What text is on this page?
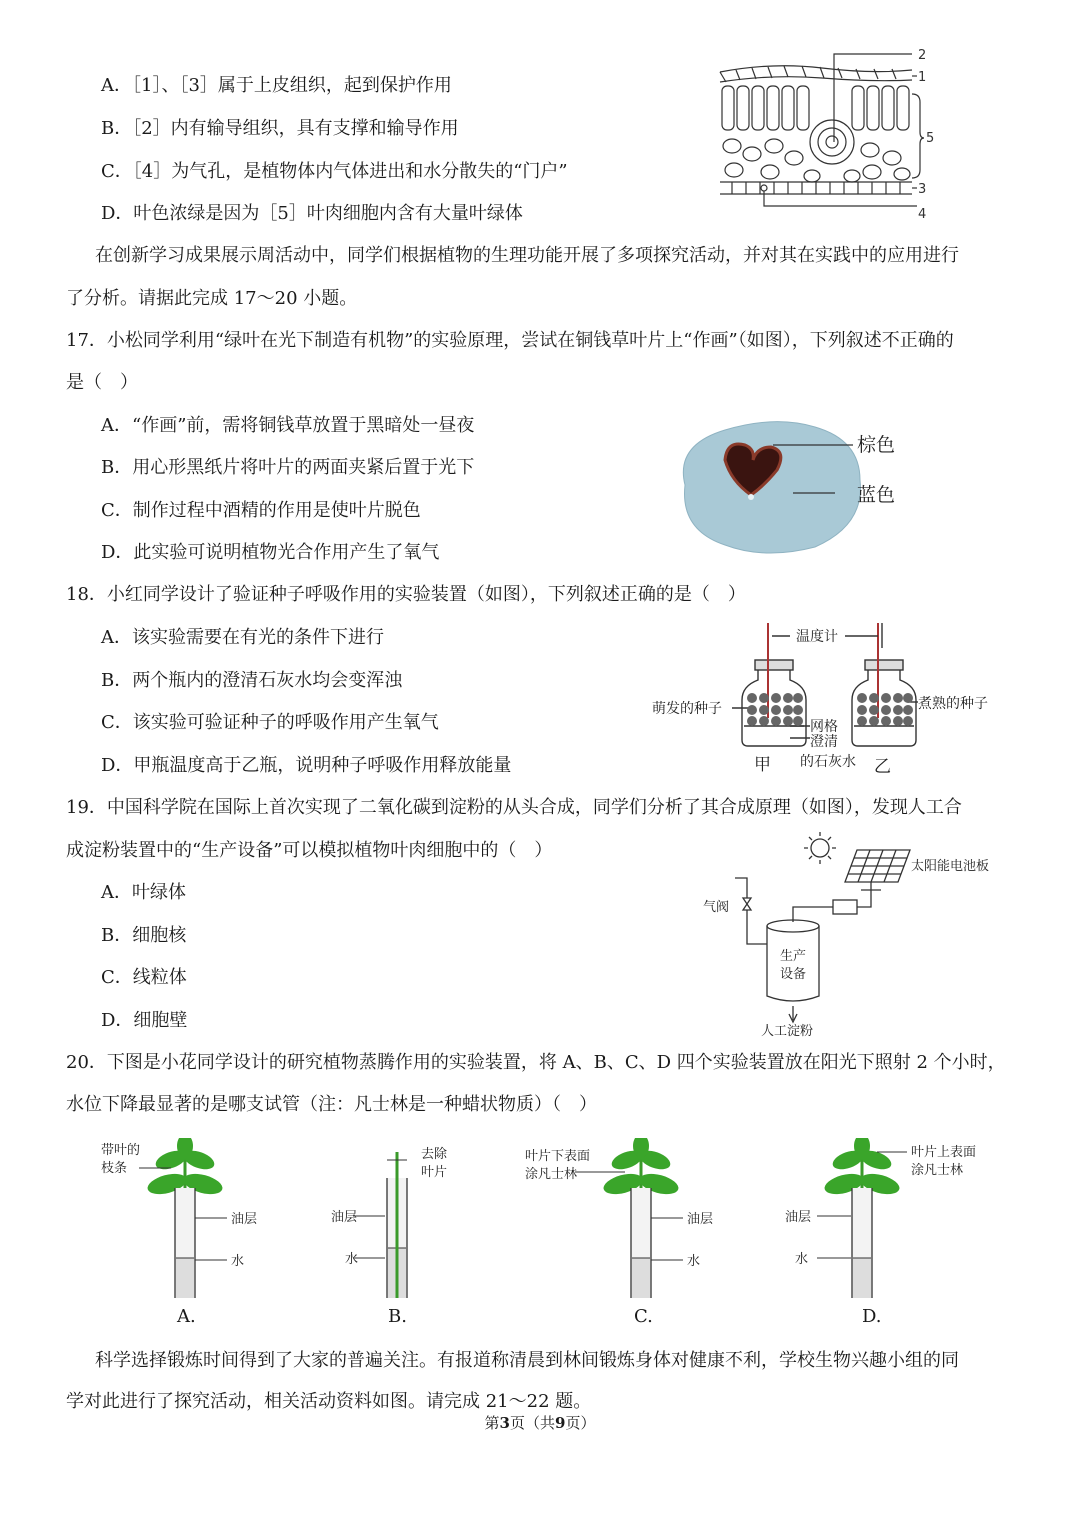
A．［1］、［3］属于上皮组织，起到保护作用
B．［2］内有输导组织，具有支撑和输导作用
C．［4］为气孔，是植物体内气体进出和水分散失的“门户”
D．叶色浓绿是因为［5］叶肉细胞内含有大量叶绿体
2
1
5
3
4
在创新学习成果展示周活动中，同学们根据植物的生理功能开展了多项探究活动，并对其在实践中的应用进行
了分析。请据此完成 17～20 小题。
17．小松同学利用“绿叶在光下制造有机物”的实验原理，尝试在铜钱草叶片上“作画”（如图），下列叙述不正确的
是（　）
A．“作画”前，需将铜钱草放置于黑暗处一昼夜
B．用心形黑纸片将叶片的两面夹紧后置于光下
C．制作过程中酒精的作用是使叶片脱色
D．此实验可说明植物光合作用产生了氧气
棕色
蓝色
18．小红同学设计了验证种子呼吸作用的实验装置（如图），下列叙述正确的是（　）
A．该实验需要在有光的条件下进行
B．两个瓶内的澄清石灰水均会变浑浊
C．该实验可验证种子的呼吸作用产生氧气
D．甲瓶温度高于乙瓶，说明种子呼吸作用释放能量
温度计
萌发的种子	煮熟的种子
网格
澄清
的石灰水
甲	乙
19．中国科学院在国际上首次实现了二氧化碳到淀粉的从头合成，同学们分析了其合成原理（如图），发现人工合
成淀粉装置中的“生产设备”可以模拟植物叶肉细胞中的（　）
A．叶绿体
B．细胞核
C．线粒体
D．细胞壁
太阳能电池板
气阀
生产
设备
人工淀粉
20．下图是小花同学设计的研究植物蒸腾作用的实验装置，将 A、B、C、D 四个实验装置放在阳光下照射 2 个小时，
水位下降最显著的是哪支试管（注：凡士林是一种蜡状物质）（　）
带叶的
枝条
油层
水
去除
叶片
油层
水
叶片下表面
涂凡士林
油层
水
叶片上表面
涂凡士林
油层
水
A.	B.	C.	D.
科学选择锻炼时间得到了大家的普遍关注。有报道称清晨到林间锻炼身体对健康不利，学校生物兴趣小组的同
学对此进行了探究活动，相关活动资料如图。请完成 21～22 题。
第3页（共9页）
